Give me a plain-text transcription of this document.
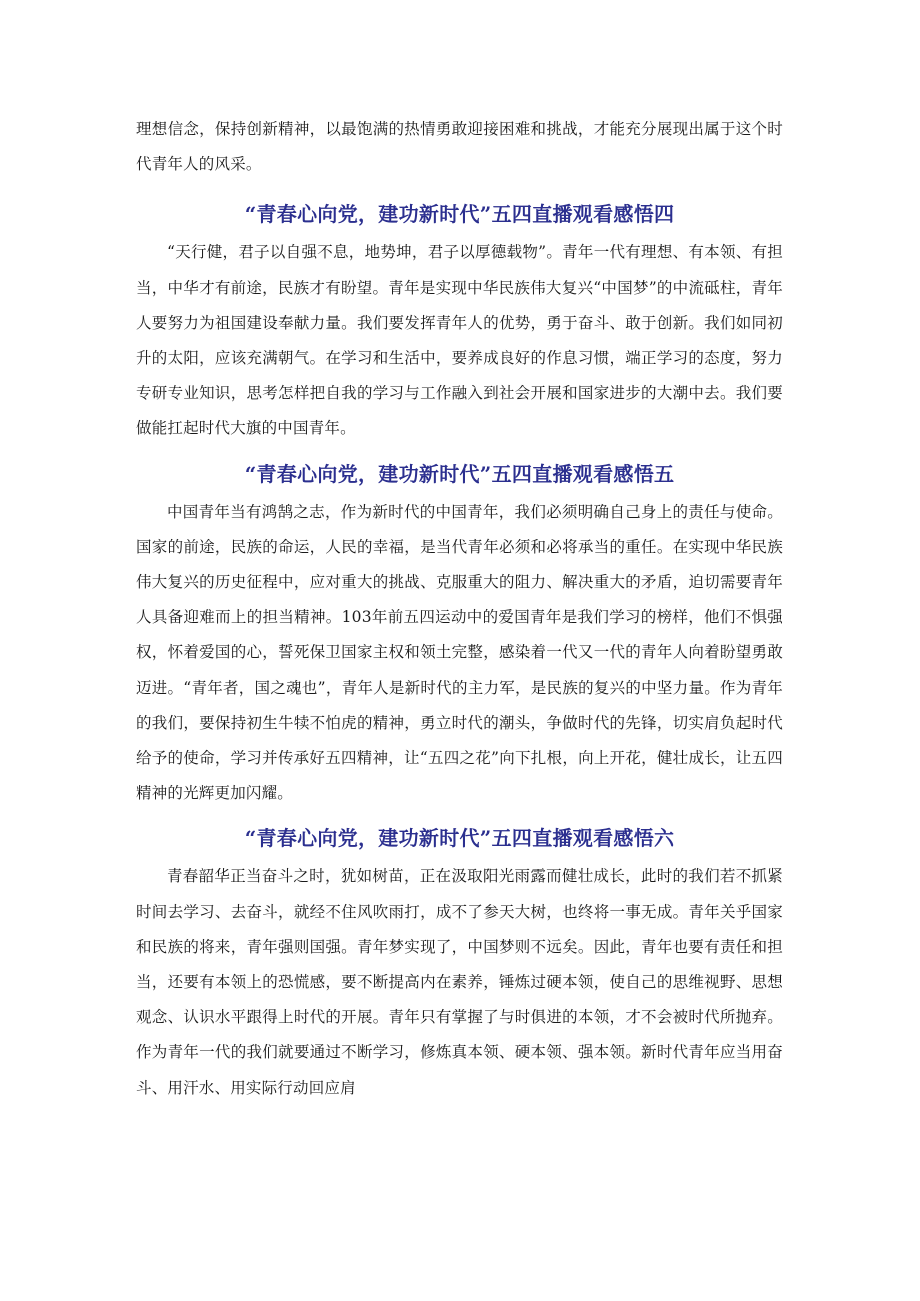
理想信念，保持创新精神，以最饱满的热情勇敢迎接困难和挑战，才能充分展现出属于这个时代青年人的风采。

“青春心向党，建功新时代”五四直播观看感悟四

“天行健，君子以自强不息，地势坤，君子以厚德载物”。青年一代有理想、有本领、有担当，中华才有前途，民族才有盼望。青年是实现中华民族伟大复兴“中国梦”的中流砥柱，青年人要努力为祖国建设奉献力量。我们要发挥青年人的优势，勇于奋斗、敢于创新。我们如同初升的太阳，应该充满朝气。在学习和生活中，要养成良好的作息习惯，端正学习的态度，努力专研专业知识，思考怎样把自我的学习与工作融入到社会开展和国家进步的大潮中去。我们要做能扛起时代大旗的中国青年。

“青春心向党，建功新时代”五四直播观看感悟五

中国青年当有鸿鹄之志，作为新时代的中国青年，我们必须明确自己身上的责任与使命。国家的前途，民族的命运，人民的幸福，是当代青年必须和必将承当的重任。在实现中华民族伟大复兴的历史征程中，应对重大的挑战、克服重大的阻力、解决重大的矛盾，迫切需要青年人具备迎难而上的担当精神。103年前五四运动中的爱国青年是我们学习的榜样，他们不惧强权，怀着爱国的心，誓死保卫国家主权和领土完整，感染着一代又一代的青年人向着盼望勇敢迈进。“青年者，国之魂也”，青年人是新时代的主力军，是民族的复兴的中坚力量。作为青年的我们，要保持初生牛犊不怕虎的精神，勇立时代的潮头，争做时代的先锋，切实肩负起时代给予的使命，学习并传承好五四精神，让“五四之花”向下扎根，向上开花，健壮成长，让五四精神的光辉更加闪耀。

“青春心向党，建功新时代”五四直播观看感悟六

青春韶华正当奋斗之时，犹如树苗，正在汲取阳光雨露而健壮成长，此时的我们若不抓紧时间去学习、去奋斗，就经不住风吹雨打，成不了参天大树，也终将一事无成。青年关乎国家和民族的将来，青年强则国强。青年梦实现了，中国梦则不远矣。因此，青年也要有责任和担当，还要有本领上的恐慌感，要不断提高内在素养，锤炼过硬本领，使自己的思维视野、思想观念、认识水平跟得上时代的开展。青年只有掌握了与时俱进的本领，才不会被时代所抛弃。作为青年一代的我们就要通过不断学习，修炼真本领、硬本领、强本领。新时代青年应当用奋斗、用汗水、用实际行动回应肩
